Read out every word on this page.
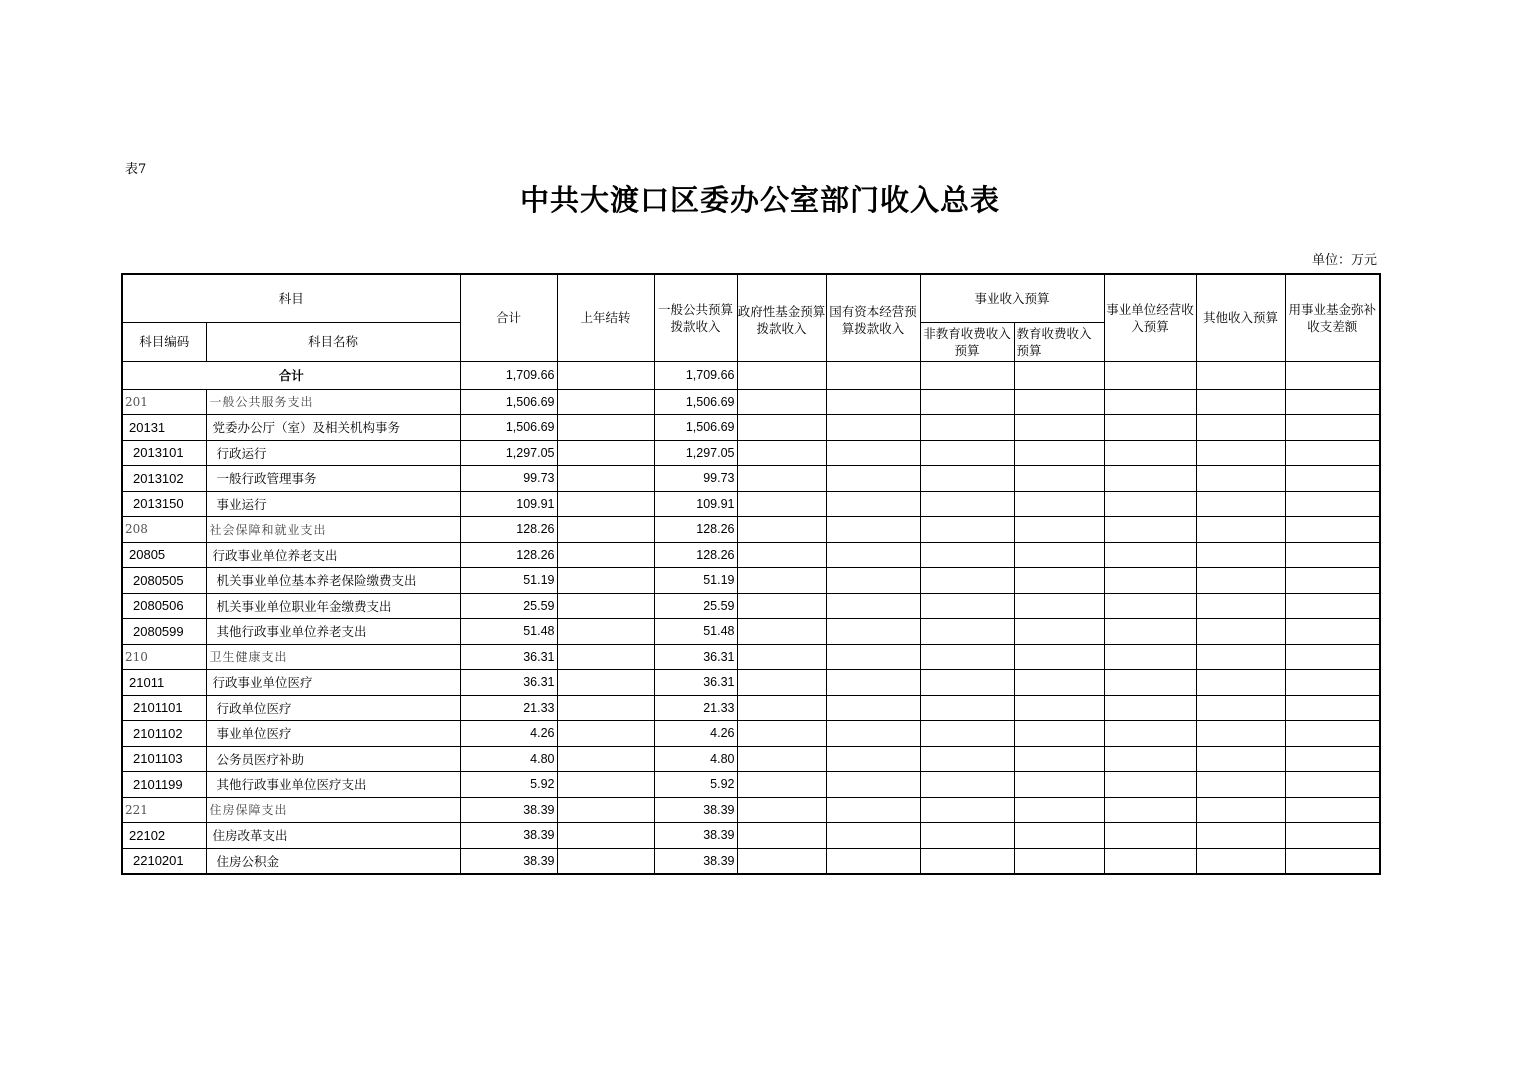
表7
中共大渡口区委办公室部门收入总表
单位：万元
科目		合计	上年结转	一般公共预算拨款收入	政府性基金预算拨款收入	国有资本经营预算拨款收入	事业收入预算		事业单位经营收入预算	其他收入预算	用事业基金弥补收支差额
科目编码	科目名称						非教育收费收入预算	教育收费收入预算			
合计		1,709.66		1,709.66							
201	一般公共服务支出	1,506.69		1,506.69							
20131	党委办公厅（室）及相关机构事务	1,506.69		1,506.69							
2013101	行政运行	1,297.05		1,297.05							
2013102	一般行政管理事务	99.73		99.73							
2013150	事业运行	109.91		109.91							
208	社会保障和就业支出	128.26		128.26							
20805	行政事业单位养老支出	128.26		128.26							
2080505	机关事业单位基本养老保险缴费支出	51.19		51.19							
2080506	机关事业单位职业年金缴费支出	25.59		25.59							
2080599	其他行政事业单位养老支出	51.48		51.48							
210	卫生健康支出	36.31		36.31							
21011	行政事业单位医疗	36.31		36.31							
2101101	行政单位医疗	21.33		21.33							
2101102	事业单位医疗	4.26		4.26							
2101103	公务员医疗补助	4.80		4.80							
2101199	其他行政事业单位医疗支出	5.92		5.92							
221	住房保障支出	38.39		38.39							
22102	住房改革支出	38.39		38.39							
2210201	住房公积金	38.39		38.39							
